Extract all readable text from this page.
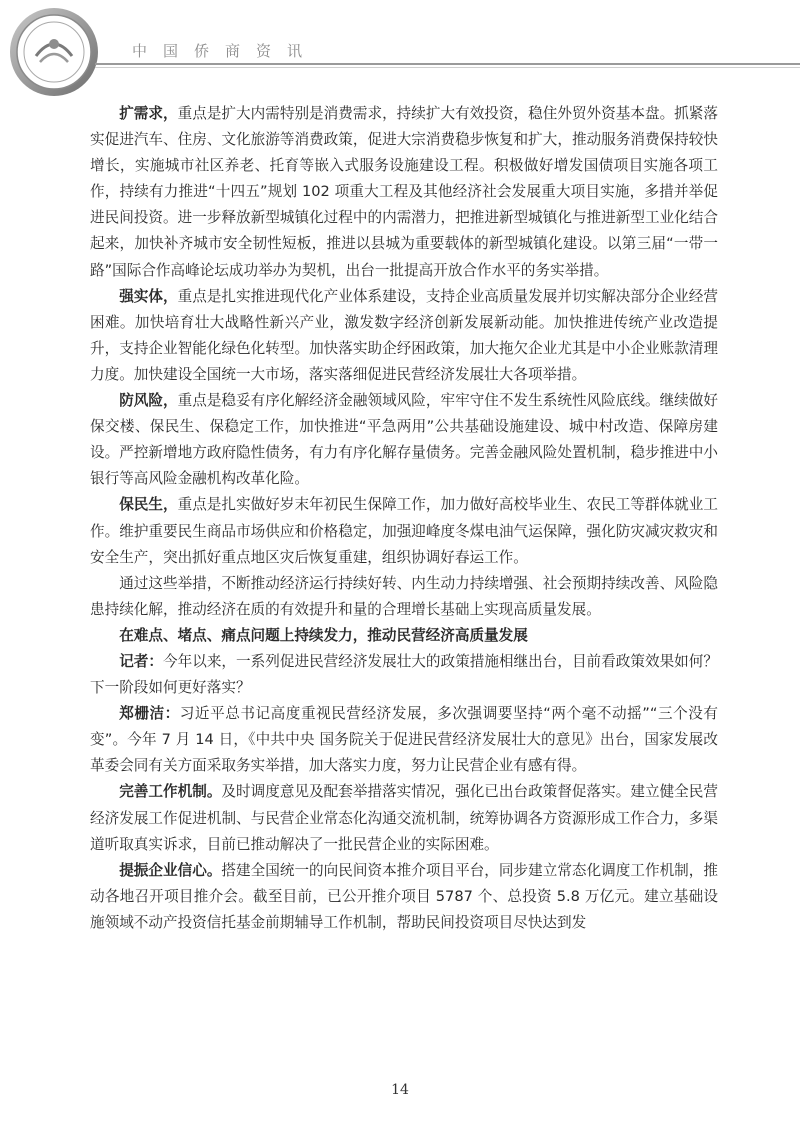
中国侨商资讯

扩需求，重点是扩大内需特别是消费需求，持续扩大有效投资，稳住外贸外资基本盘。抓紧落实促进汽车、住房、文化旅游等消费政策，促进大宗消费稳步恢复和扩大，推动服务消费保持较快增长，实施城市社区养老、托育等嵌入式服务设施建设工程。积极做好增发国债项目实施各项工作，持续有力推进“十四五”规划 102 项重大工程及其他经济社会发展重大项目实施，多措并举促进民间投资。进一步释放新型城镇化过程中的内需潜力，把推进新型城镇化与推进新型工业化结合起来，加快补齐城市安全韧性短板，推进以县城为重要载体的新型城镇化建设。以第三届“一带一路”国际合作高峰论坛成功举办为契机，出台一批提高开放合作水平的务实举措。

强实体，重点是扎实推进现代化产业体系建设，支持企业高质量发展并切实解决部分企业经营困难。加快培育壮大战略性新兴产业，激发数字经济创新发展新动能。加快推进传统产业改造提升，支持企业智能化绿色化转型。加快落实助企纾困政策，加大拖欠企业尤其是中小企业账款清理力度。加快建设全国统一大市场，落实落细促进民营经济发展壮大各项举措。

防风险，重点是稳妥有序化解经济金融领域风险，牢牢守住不发生系统性风险底线。继续做好保交楼、保民生、保稳定工作，加快推进“平急两用”公共基础设施建设、城中村改造、保障房建设。严控新增地方政府隐性债务，有力有序化解存量债务。完善金融风险处置机制，稳步推进中小银行等高风险金融机构改革化险。

保民生，重点是扎实做好岁末年初民生保障工作，加力做好高校毕业生、农民工等群体就业工作。维护重要民生商品市场供应和价格稳定，加强迎峰度冬煤电油气运保障，强化防灾减灾救灾和安全生产，突出抓好重点地区灾后恢复重建，组织协调好春运工作。

通过这些举措，不断推动经济运行持续好转、内生动力持续增强、社会预期持续改善、风险隐患持续化解，推动经济在质的有效提升和量的合理增长基础上实现高质量发展。

在难点、堵点、痛点问题上持续发力，推动民营经济高质量发展

记者：今年以来，一系列促进民营经济发展壮大的政策措施相继出台，目前看政策效果如何？下一阶段如何更好落实？

郑栅洁：习近平总书记高度重视民营经济发展，多次强调要坚持“两个毫不动摇”“三个没有变”。今年 7 月 14 日，《中共中央 国务院关于促进民营经济发展壮大的意见》出台，国家发展改革委会同有关方面采取务实举措，加大落实力度，努力让民营企业有感有得。

完善工作机制。及时调度意见及配套举措落实情况，强化已出台政策督促落实。建立健全民营经济发展工作促进机制、与民营企业常态化沟通交流机制，统筹协调各方资源形成工作合力，多渠道听取真实诉求，目前已推动解决了一批民营企业的实际困难。

提振企业信心。搭建全国统一的向民间资本推介项目平台，同步建立常态化调度工作机制，推动各地召开项目推介会。截至目前，已公开推介项目 5787 个、总投资 5.8 万亿元。建立基础设施领域不动产投资信托基金前期辅导工作机制，帮助民间投资项目尽快达到发

14
